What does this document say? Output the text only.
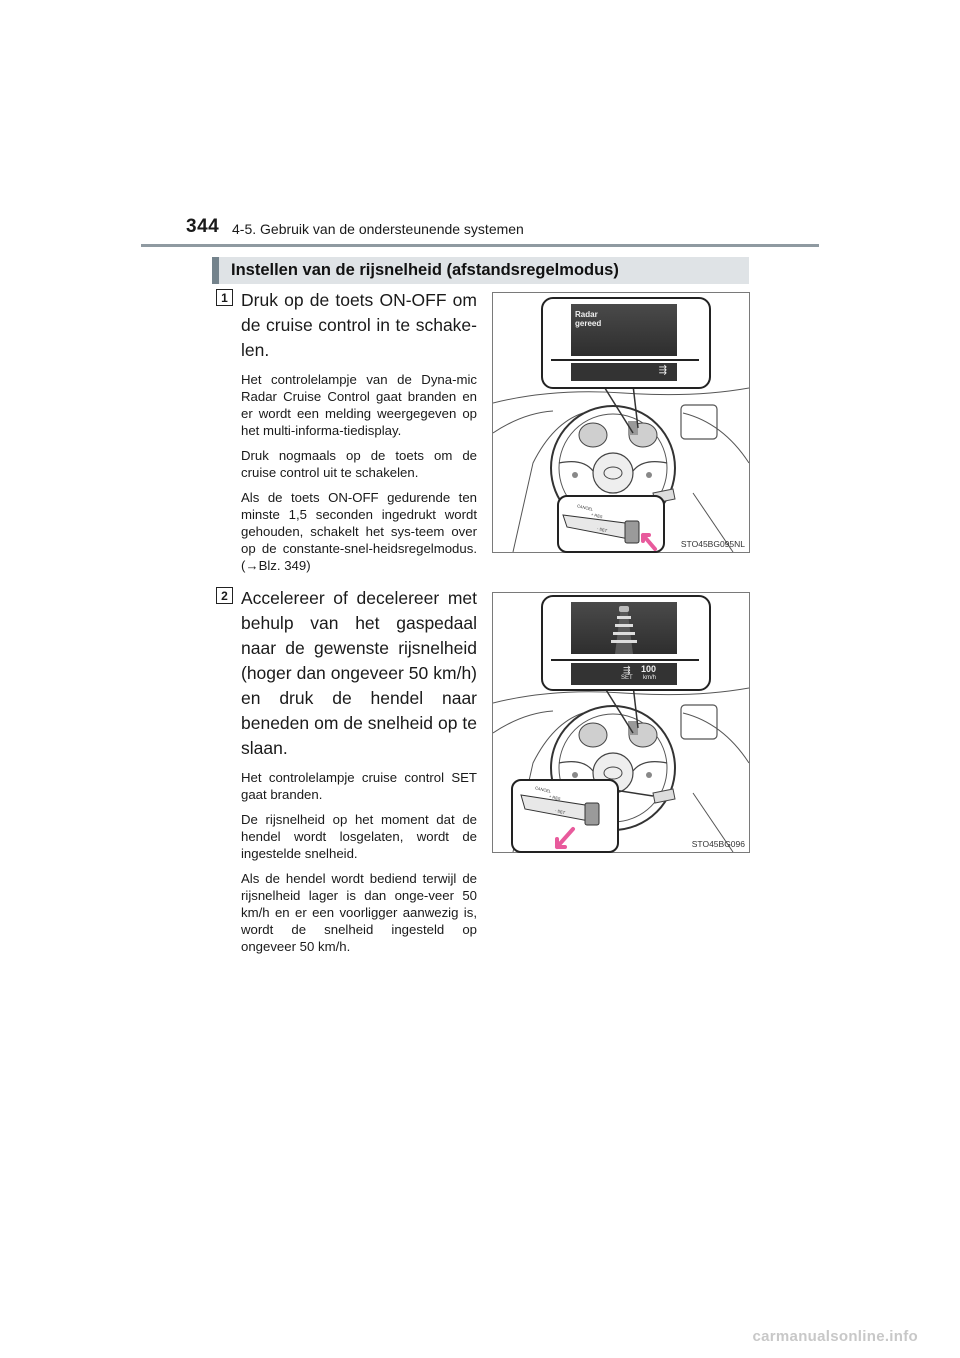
344 4-5. Gebruik van de ondersteunende systemen
Instellen van de rijsnelheid (afstandsregelmodus)
1 Druk op de toets ON-OFF om de cruise control in te schake-len.

Het controlelampje van de Dyna-mic Radar Cruise Control gaat branden en er wordt een melding weergegeven op het multi-informa-tiedisplay.

Druk nogmaals op de toets om de cruise control uit te schakelen.

Als de toets ON-OFF gedurende ten minste 1,5 seconden ingedrukt wordt gehouden, schakelt het sys-teem over op de constante-snel-heidsregelmodus. (→Blz. 349)

Radar
gereed
⇶
CANCEL
+ RES
- SET
STO45BG095NL
2 Accelereer of decelereer met behulp van het gaspedaal naar de gewenste rijsnelheid (hoger dan ongeveer 50 km/h) en druk de hendel naar beneden om de snelheid op te slaan.

Het controlelampje cruise control SET gaat branden.

De rijsnelheid op het moment dat de hendel wordt losgelaten, wordt de ingestelde snelheid.

Als de hendel wordt bediend terwijl de rijsnelheid lager is dan onge-veer 50 km/h en er een voorligger aanwezig is, wordt de snelheid ingesteld op ongeveer 50 km/h.

⇶ 100
SET km/h
CANCEL
+ RES
- SET
STO45BG096
carmanualsonline.info
